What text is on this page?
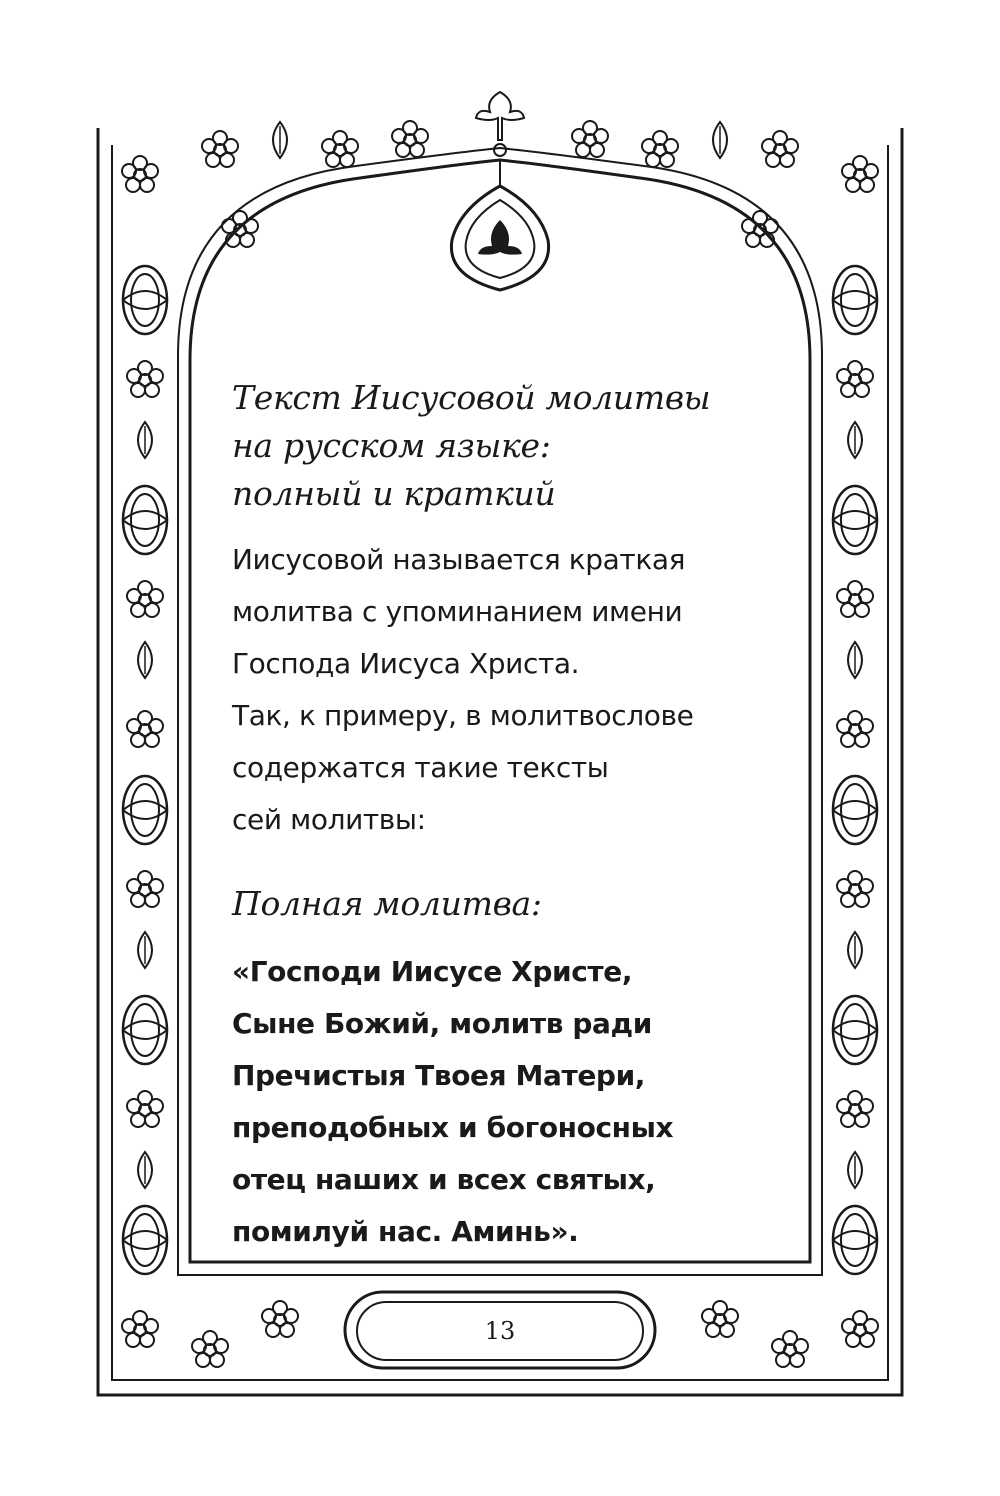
Текст Иисусовой молитвы
на русском языке:
полный и краткий

Иисусовой называется краткая
молитва с упоминанием имени
Господа Иисуса Христа.
Так, к примеру, в молитвослове
содержатся такие тексты
сей молитвы:

Полная молитва:

«Господи Иисусе Христе,
Сыне Божий, молитв ради
Пречистыя Твоея Матери,
преподобных и богоносных
отец наших и всех святых,
помилуй нас. Аминь».

13
